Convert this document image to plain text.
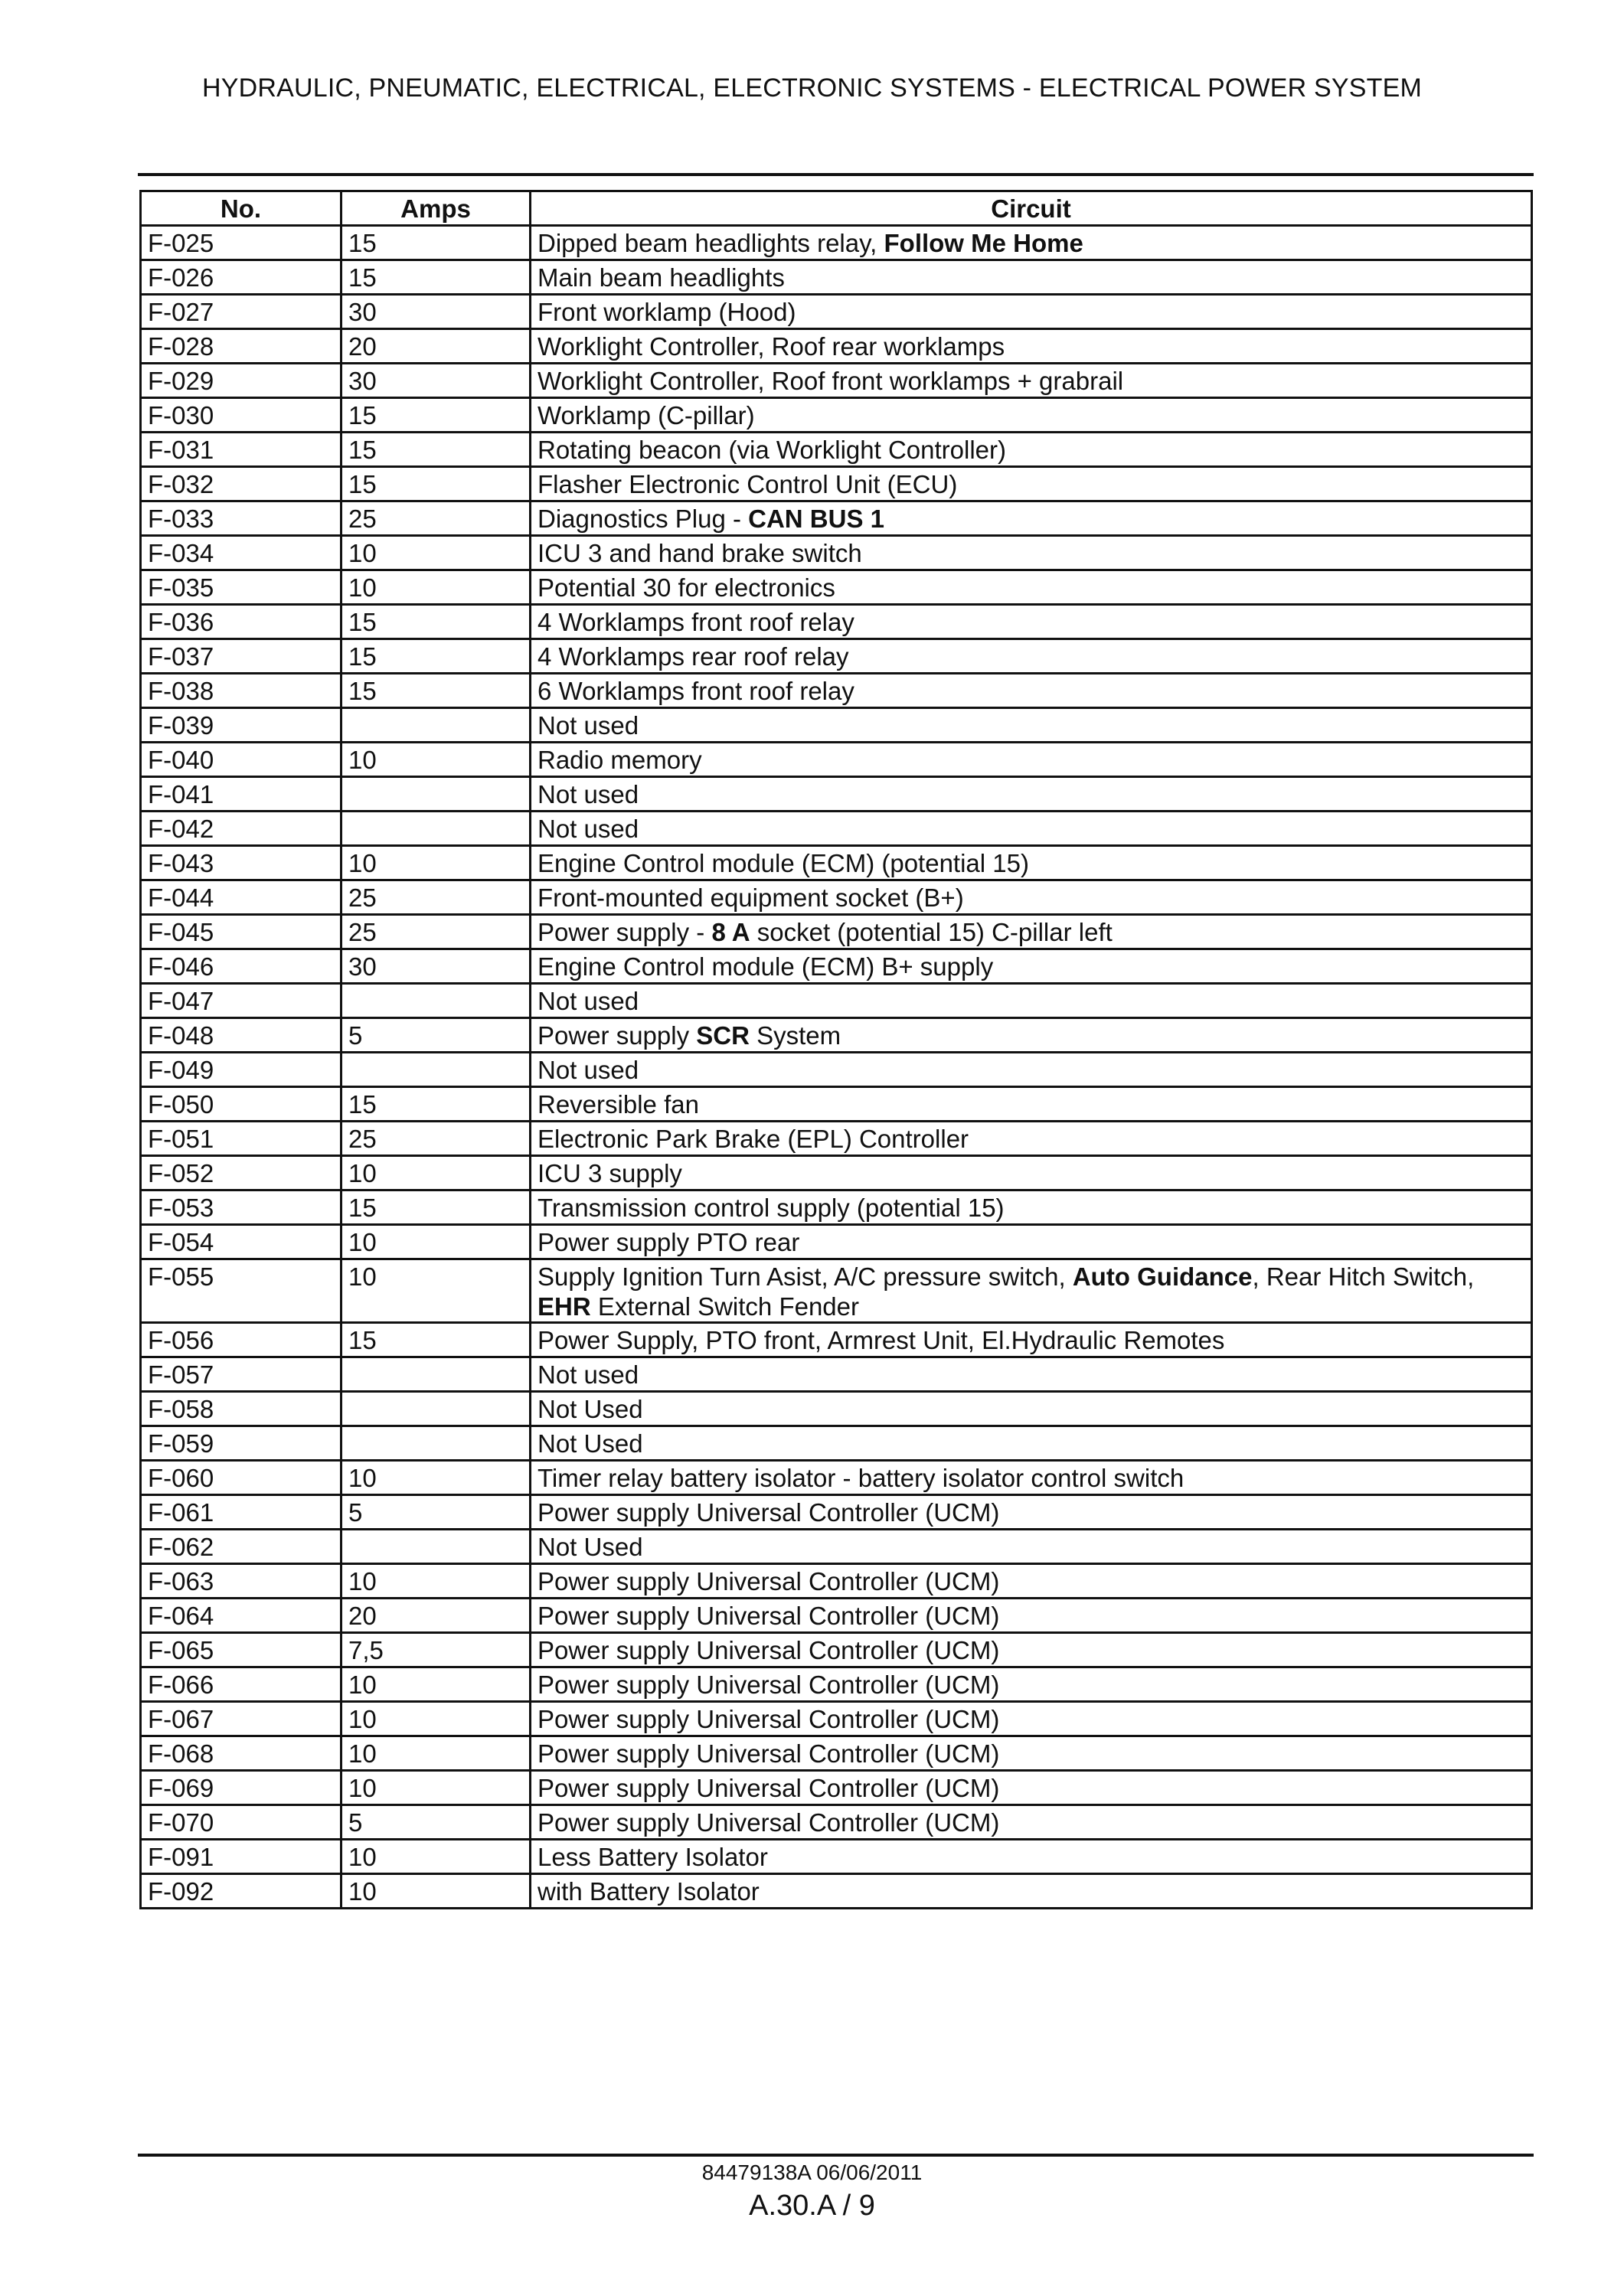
HYDRAULIC, PNEUMATIC, ELECTRICAL, ELECTRONIC SYSTEMS - ELECTRICAL POWER SYSTEM
No.	Amps	Circuit
F-025	15	Dipped beam headlights relay, Follow Me Home
F-026	15	Main beam headlights
F-027	30	Front worklamp (Hood)
F-028	20	Worklight Controller, Roof rear worklamps
F-029	30	Worklight Controller, Roof front worklamps + grabrail
F-030	15	Worklamp (C-pillar)
F-031	15	Rotating beacon (via Worklight Controller)
F-032	15	Flasher Electronic Control Unit (ECU)
F-033	25	Diagnostics Plug - CAN BUS 1
F-034	10	ICU 3 and hand brake switch
F-035	10	Potential 30 for electronics
F-036	15	4 Worklamps front roof relay
F-037	15	4 Worklamps rear roof relay
F-038	15	6 Worklamps front roof relay
F-039		Not used
F-040	10	Radio memory
F-041		Not used
F-042		Not used
F-043	10	Engine Control module (ECM) (potential 15)
F-044	25	Front-mounted equipment socket (B+)
F-045	25	Power supply - 8 A socket (potential 15) C-pillar left
F-046	30	Engine Control module (ECM) B+ supply
F-047		Not used
F-048	5	Power supply SCR System
F-049		Not used
F-050	15	Reversible fan
F-051	25	Electronic Park Brake (EPL) Controller
F-052	10	ICU 3 supply
F-053	15	Transmission control supply (potential 15)
F-054	10	Power supply PTO rear
F-055	10	Supply Ignition Turn Asist, A/C pressure switch, Auto Guidance, Rear Hitch Switch, EHR External Switch Fender
F-056	15	Power Supply, PTO front, Armrest Unit, El.Hydraulic Remotes
F-057		Not used
F-058		Not Used
F-059		Not Used
F-060	10	Timer relay battery isolator - battery isolator control switch
F-061	5	Power supply Universal Controller (UCM)
F-062		Not Used
F-063	10	Power supply Universal Controller (UCM)
F-064	20	Power supply Universal Controller (UCM)
F-065	7,5	Power supply Universal Controller (UCM)
F-066	10	Power supply Universal Controller (UCM)
F-067	10	Power supply Universal Controller (UCM)
F-068	10	Power supply Universal Controller (UCM)
F-069	10	Power supply Universal Controller (UCM)
F-070	5	Power supply Universal Controller (UCM)
F-091	10	Less Battery Isolator
F-092	10	with Battery Isolator
84479138A 06/06/2011
A.30.A / 9
